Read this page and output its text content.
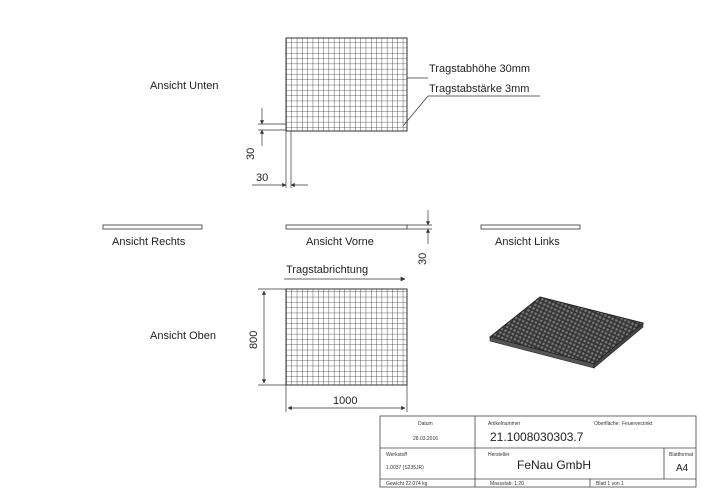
Ansicht Unten
Tragstabhöhe 30mm
Tragstabstärke 3mm
30
30
Ansicht Rechts	Ansicht Vorne	Ansicht Links
30
Tragstabrichtung
Ansicht Oben	800
1000
Datum
28.03.2016
Artikelnummer
21.1008030303.7
Oberfläche: Feuerverzinkt
Werkstoff
1.0037 (S235JR)
Hersteller
FeNau GmbH
Blattformat
A4
Gewicht 22.074 kg	Massstab: 1:20	Blatt 1 von 1
